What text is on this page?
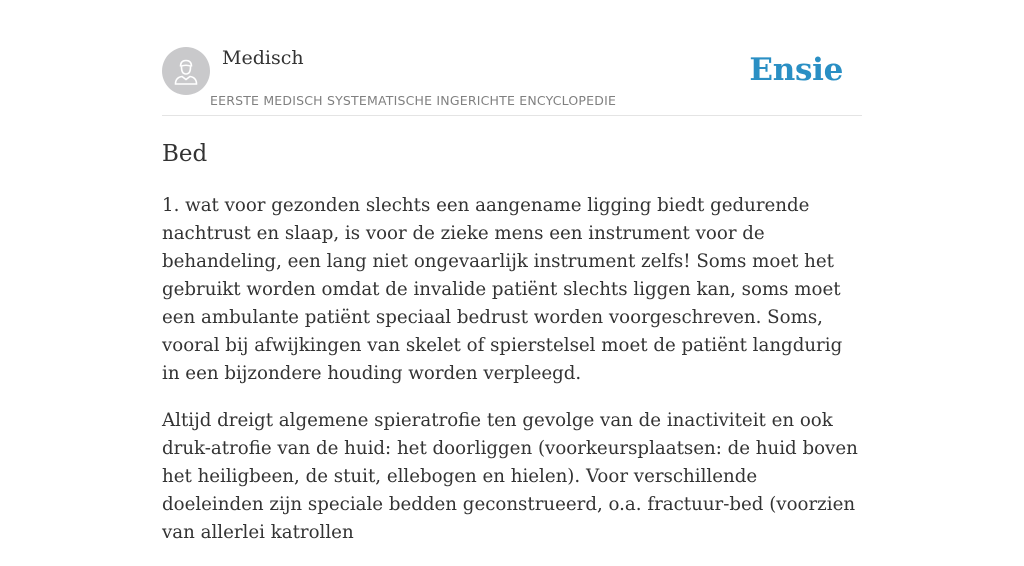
Medisch
EERSTE MEDISCH SYSTEMATISCHE INGERICHTE ENCYCLOPEDIE
Ensie
Bed

1. wat voor gezonden slechts een aangename ligging biedt gedurende nachtrust en slaap, is voor de zieke mens een instrument voor de behandeling, een lang niet ongevaarlijk instrument zelfs! Soms moet het gebruikt worden omdat de invalide patiënt slechts liggen kan, soms moet een ambulante patiënt speciaal bedrust worden voorgeschreven. Soms, vooral bij afwijkingen van skelet of spierstelsel moet de patiënt langdurig in een bijzondere houding worden verpleegd.

Altijd dreigt algemene spieratrofie ten gevolge van de inactiviteit en ook druk-atrofie van de huid: het doorliggen (voorkeursplaatsen: de huid boven het heiligbeen, de stuit, ellebogen en hielen). Voor verschillende doeleinden zijn speciale bedden geconstrueerd, o.a. fractuur-bed (voorzien van allerlei katrollen
